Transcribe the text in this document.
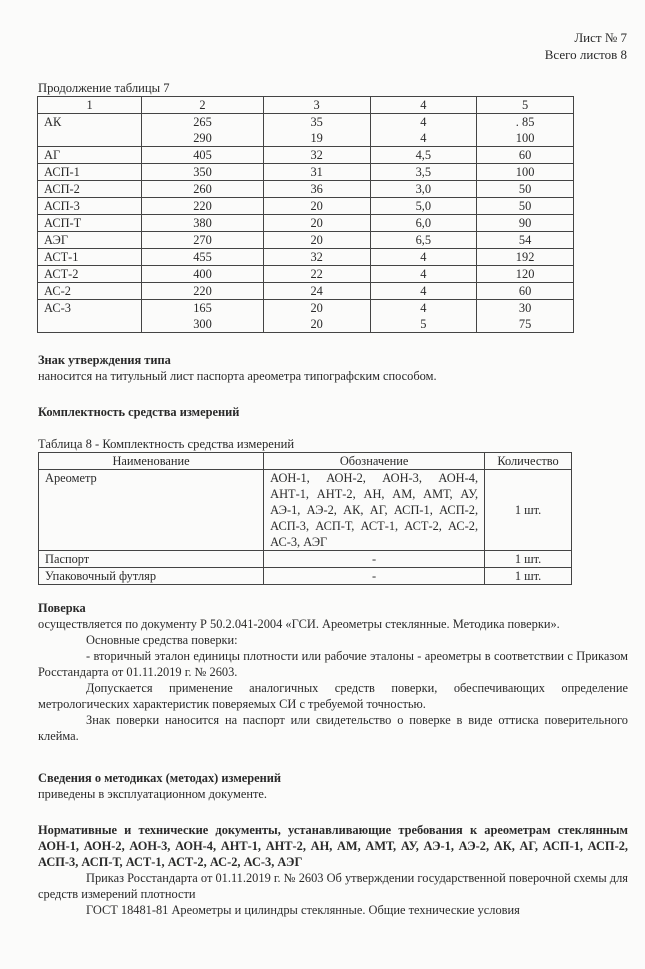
Лист № 7
Всего листов 8
Продолжение таблицы 7
1	2	3	4	5
АК	265	35	4	. 85
	290	19	4	100
АГ	405	32	4,5	60
АСП-1	350	31	3,5	100
АСП-2	260	36	3,0	50
АСП-3	220	20	5,0	50
АСП-Т	380	20	6,0	90
АЭГ	270	20	6,5	54
АСТ-1	455	32	4	192
АСТ-2	400	22	4	120
АС-2	220	24	4	60
АС-3	165	20	4	30
	300	20	5	75

Знак утверждения типа

наносится на титульный лист паспорта ареометра типографским способом.

Комплектность средства измерений

Таблица 8 - Комплектность средства измерений
Наименование	Обозначение	Количество
Ареометр	АОН-1, АОН-2, АОН-3, АОН-4, АНТ-1, АНТ-2, АН, АМ, АМТ, АУ, АЭ-1, АЭ-2, АК, АГ, АСП-1, АСП-2, АСП-3, АСП-Т, АСТ-1, АСТ-2, АС-2, АС-3, АЭГ	1 шт.
Паспорт	-	1 шт.
Упаковочный футляр	-	1 шт.

Поверка

осуществляется по документу Р 50.2.041-2004 «ГСИ. Ареометры стеклянные. Методика поверки».

Основные средства поверки:

- вторичный эталон единицы плотности или рабочие эталоны - ареометры в соответствии с Приказом Росстандарта от 01.11.2019 г. № 2603.

Допускается применение аналогичных средств поверки, обеспечивающих определение метрологических характеристик поверяемых СИ с требуемой точностью.

Знак поверки наносится на паспорт или свидетельство о поверке в виде оттиска поверительного клейма.

Сведения о методиках (методах) измерений

приведены в эксплуатационном документе.

Нормативные и технические документы, устанавливающие требования к ареометрам стеклянным АОН-1, АОН-2, АОН-3, АОН-4, АНТ-1, АНТ-2, АН, АМ, АМТ, АУ, АЭ-1, АЭ-2, АК, АГ, АСП-1, АСП-2, АСП-3, АСП-Т, АСТ-1, АСТ-2, АС-2, АС-3, АЭГ

Приказ Росстандарта от 01.11.2019 г. № 2603 Об утверждении государственной поверочной схемы для средств измерений плотности

ГОСТ 18481-81 Ареометры и цилиндры стеклянные. Общие технические условия
